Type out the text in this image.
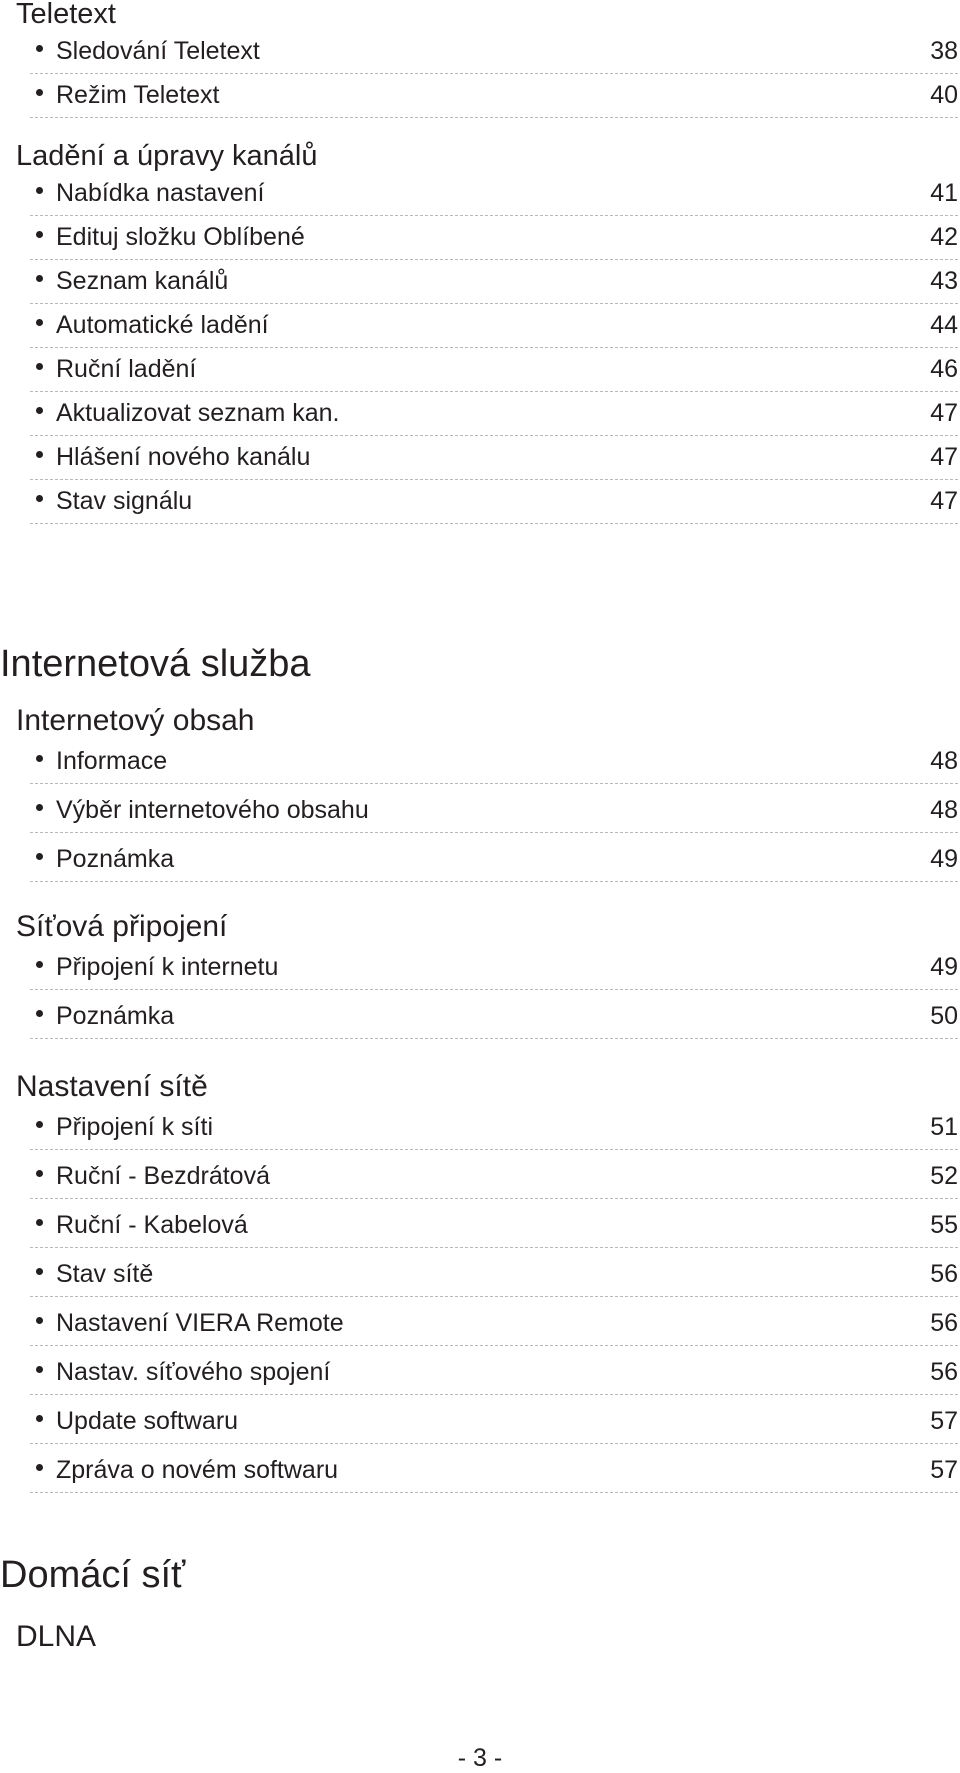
Teletext
Sledování Teletext	38
Režim Teletext	40
Ladění a úpravy kanálů
Nabídka nastavení	41
Edituj složku Oblíbené	42
Seznam kanálů	43
Automatické ladění	44
Ruční ladění	46
Aktualizovat seznam kan.	47
Hlášení nového kanálu	47
Stav signálu	47
Internetová služba
Internetový obsah
Informace	48
Výběr internetového obsahu	48
Poznámka	49
Síťová připojení
Připojení k internetu	49
Poznámka	50
Nastavení sítě
Připojení k síti	51
Ruční - Bezdrátová	52
Ruční - Kabelová	55
Stav sítě	56
Nastavení VIERA Remote	56
Nastav. síťového spojení	56
Update softwaru	57
Zpráva o novém softwaru	57
Domácí síť
DLNA
- 3 -
